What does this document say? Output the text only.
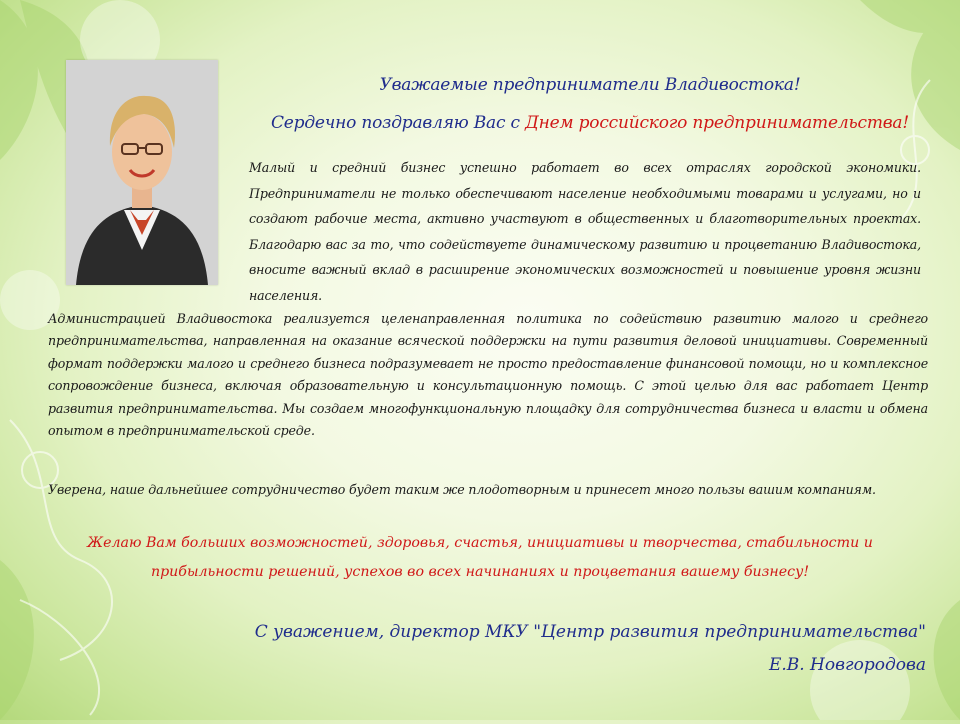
Уважаемые предприниматели Владивостока!
Сердечно поздравляю Вас с Днем российского предпринимательства!

Малый и средний бизнес успешно работает во всех отраслях городской экономики. Предприниматели не только обеспечивают население необходимыми товарами и услугами, но и создают рабочие места, активно участвуют в общественных и благотворительных проектах. Благодарю вас за то, что содействуете динамическому развитию и процветанию Владивостока, вносите важный вклад в расширение экономических возможностей и повышение уровня жизни населения.

Администрацией Владивостока реализуется целенаправленная политика по содействию развитию малого и среднего предпринимательства, направленная на оказание всяческой поддержки на пути развития деловой инициативы. Современный формат поддержки малого и среднего бизнеса подразумевает не просто предоставление финансовой помощи, но и комплексное сопровождение бизнеса, включая образовательную и консультационную помощь. С этой целью для вас работает Центр развития предпринимательства. Мы создаем многофункциональную площадку для сотрудничества бизнеса и власти и обмена опытом в предпринимательской среде.

Уверена, наше дальнейшее сотрудничество будет таким же плодотворным и принесет много пользы вашим компаниям.

Желаю Вам больших возможностей, здоровья, счастья, инициативы и творчества, стабильности и
прибыльности решений, успехов во всех начинаниях и процветания вашему бизнесу!

С уважением, директор МКУ "Центр развития предпринимательства"
Е.В. Новгородова
